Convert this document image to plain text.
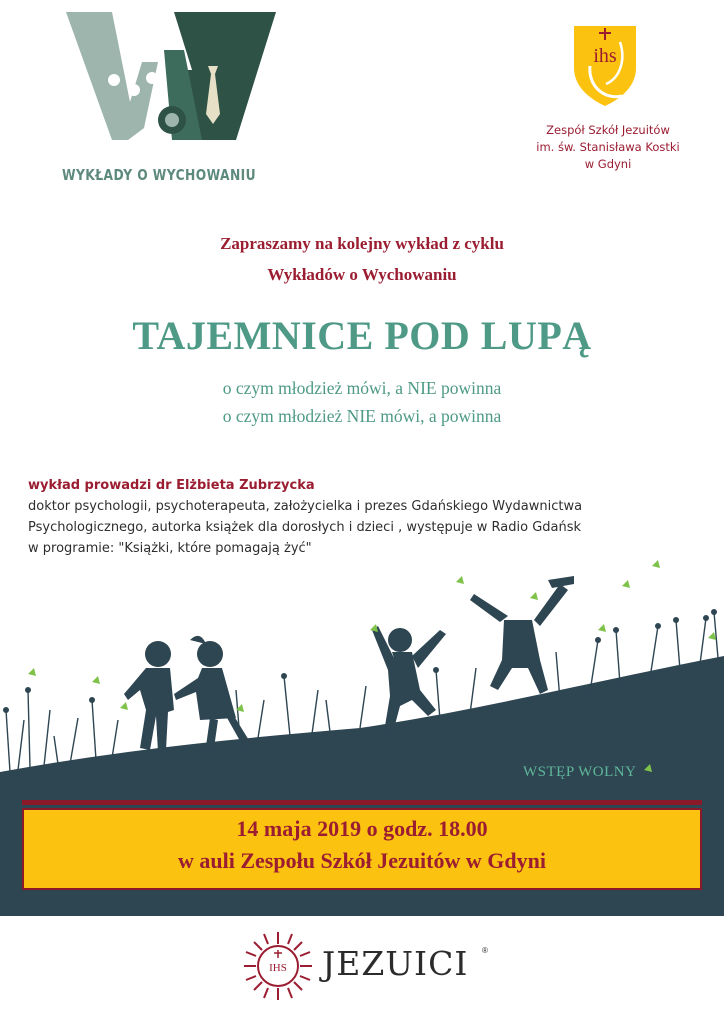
WYKŁADY O WYCHOWANIU
ihs
Zespół Szkół Jezuitów
im. św. Stanisława Kostki
w Gdyni
Zapraszamy na kolejny wykład z cyklu
Wykładów o Wychowaniu
TAJEMNICE POD LUPĄ
o czym młodzież mówi, a NIE powinna
o czym młodzież NIE mówi, a powinna
wykład prowadzi dr Elżbieta Zubrzycka
doktor psychologii, psychoterapeuta, założycielka i prezes Gdańskiego Wydawnictwa
Psychologicznego, autorka książek dla dorosłych i dzieci , występuje w Radio Gdańsk
w programie: "Książki, które pomagają żyć"
WSTĘP WOLNY
14 maja 2019 o godz. 18.00
w auli Zespołu Szkół Jezuitów w Gdyni
IHS JEZUICI ®
